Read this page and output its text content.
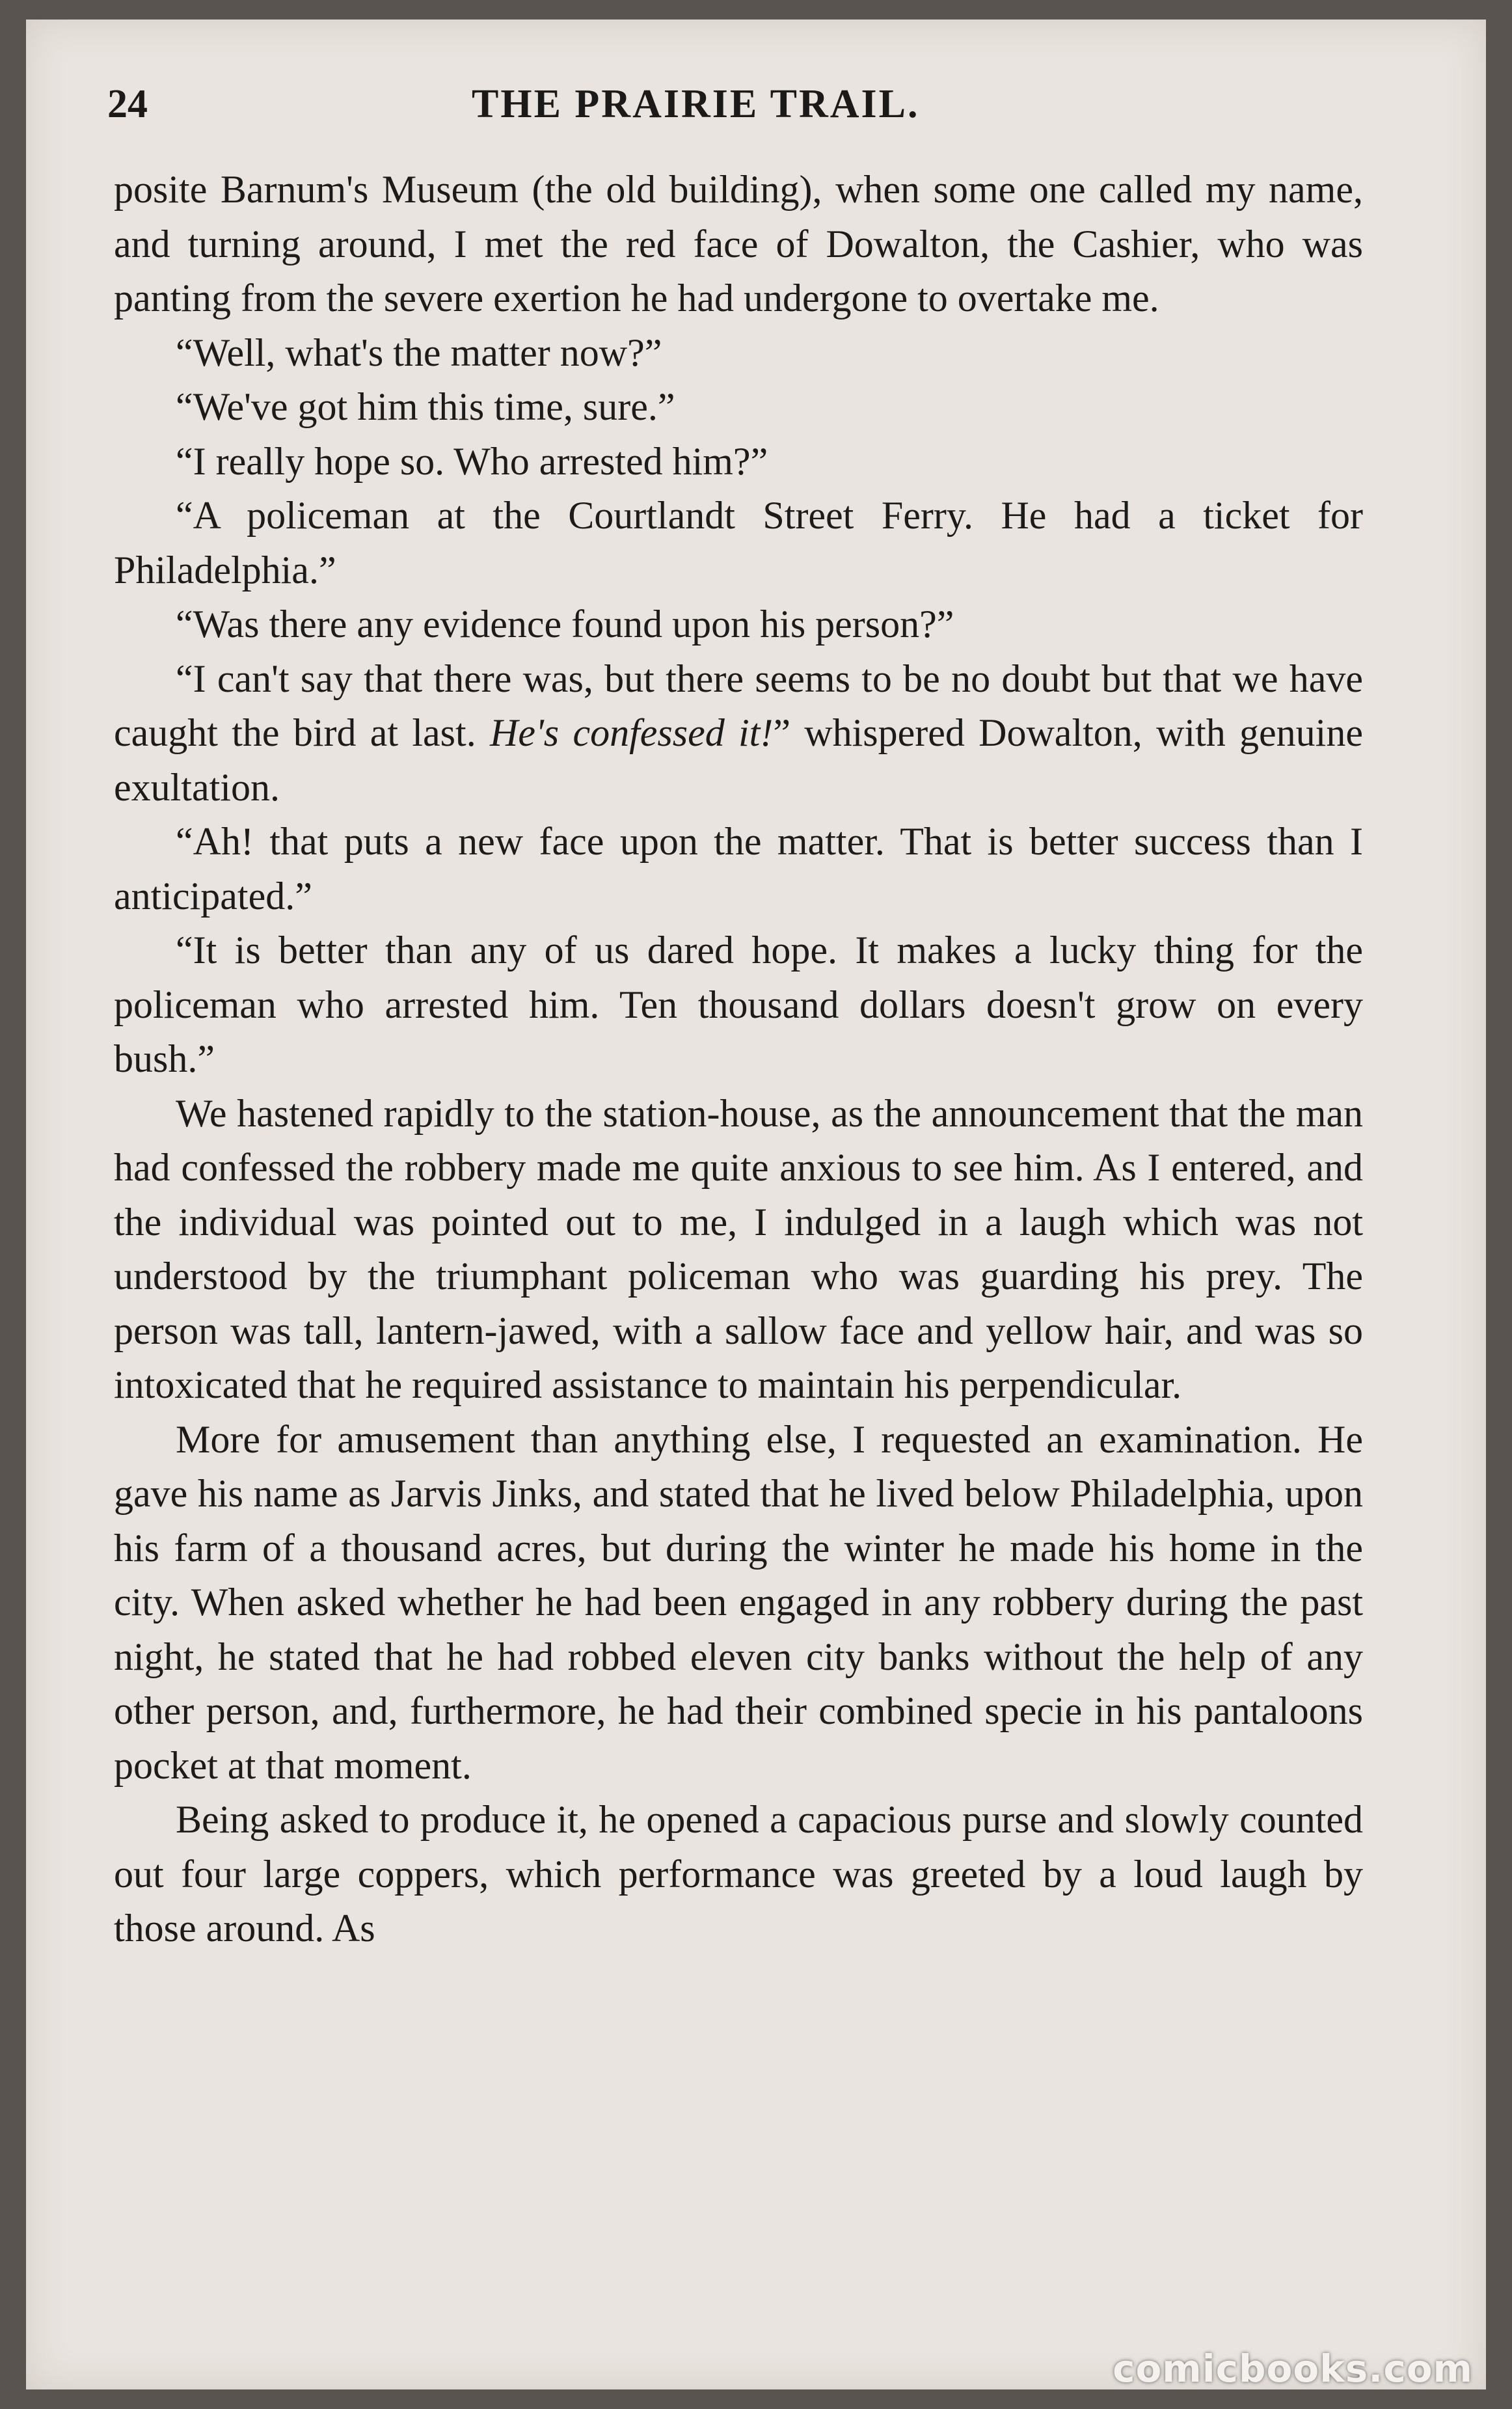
24	THE PRAIRIE TRAIL.

posite Barnum's Museum (the old building), when some one called my name, and turning around, I met the red face of Dowalton, the Cashier, who was panting from the severe exertion he had undergone to overtake me.

“Well, what's the matter now?”

“We've got him this time, sure.”

“I really hope so. Who arrested him?”

“A policeman at the Courtlandt Street Ferry. He had a ticket for Philadelphia.”

“Was there any evidence found upon his person?”

“I can't say that there was, but there seems to be no doubt but that we have caught the bird at last. He's confessed it!” whispered Dowalton, with genuine exultation.

“Ah! that puts a new face upon the matter. That is better success than I anticipated.”

“It is better than any of us dared hope. It makes a lucky thing for the policeman who arrested him. Ten thousand dollars doesn't grow on every bush.”

We hastened rapidly to the station-house, as the announcement that the man had confessed the robbery made me quite anxious to see him. As I entered, and the individual was pointed out to me, I indulged in a laugh which was not understood by the triumphant policeman who was guarding his prey. The person was tall, lantern-jawed, with a sallow face and yellow hair, and was so intoxicated that he required assistance to maintain his perpendicular.

More for amusement than anything else, I requested an examination. He gave his name as Jarvis Jinks, and stated that he lived below Philadelphia, upon his farm of a thousand acres, but during the winter he made his home in the city. When asked whether he had been engaged in any robbery during the past night, he stated that he had robbed eleven city banks without the help of any other person, and, furthermore, he had their combined specie in his pantaloons pocket at that moment.

Being asked to produce it, he opened a capacious purse and slowly counted out four large coppers, which performance was greeted by a loud laugh by those around. As

comicbooks.com
